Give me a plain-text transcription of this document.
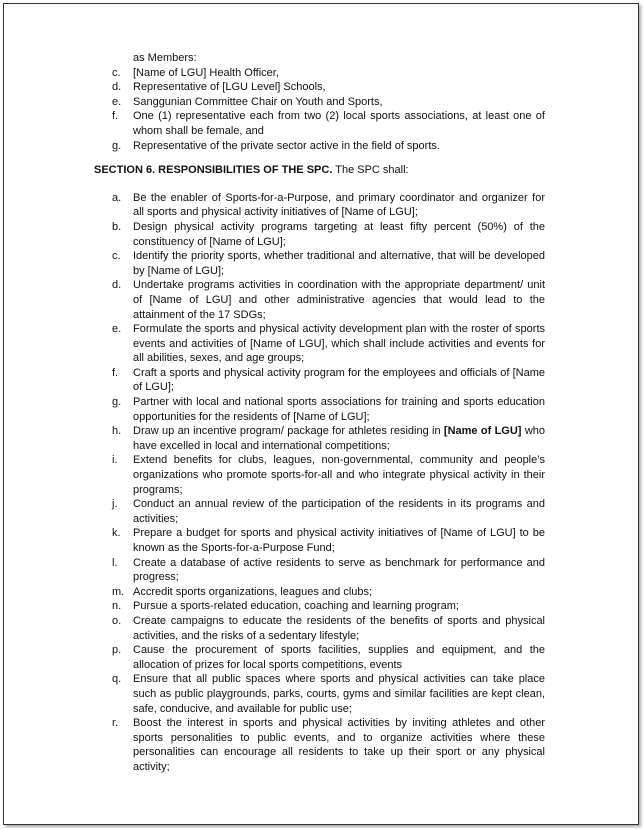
as Members:
c. [Name of LGU] Health Officer,
d. Representative of [LGU Level] Schools,
e. Sanggunian Committee Chair on Youth and Sports,
f. One (1) representative each from two (2) local sports associations, at least one of whom shall be female, and
g. Representative of the private sector active in the field of sports.
SECTION 6. RESPONSIBILITIES OF THE SPC. The SPC shall:
a. Be the enabler of Sports-for-a-Purpose, and primary coordinator and organizer for all sports and physical activity initiatives of [Name of LGU];
b. Design physical activity programs targeting at least fifty percent (50%) of the constituency of [Name of LGU];
c. Identify the priority sports, whether traditional and alternative, that will be developed by [Name of LGU];
d. Undertake programs activities in coordination with the appropriate department/ unit of [Name of LGU] and other administrative agencies that would lead to the attainment of the 17 SDGs;
e. Formulate the sports and physical activity development plan with the roster of sports events and activities of [Name of LGU], which shall include activities and events for all abilities, sexes, and age groups;
f. Craft a sports and physical activity program for the employees and officials of [Name of LGU];
g. Partner with local and national sports associations for training and sports education opportunities for the residents of [Name of LGU];
h. Draw up an incentive program/ package for athletes residing in [Name of LGU] who have excelled in local and international competitions;
i. Extend benefits for clubs, leagues, non-governmental, community and people’s organizations who promote sports-for-all and who integrate physical activity in their programs;
j. Conduct an annual review of the participation of the residents in its programs and activities;
k. Prepare a budget for sports and physical activity initiatives of [Name of LGU] to be known as the Sports-for-a-Purpose Fund;
l. Create a database of active residents to serve as benchmark for performance and progress;
m. Accredit sports organizations, leagues and clubs;
n. Pursue a sports-related education, coaching and learning program;
o. Create campaigns to educate the residents of the benefits of sports and physical activities, and the risks of a sedentary lifestyle;
p. Cause the procurement of sports facilities, supplies and equipment, and the allocation of prizes for local sports competitions, events
q. Ensure that all public spaces where sports and physical activities can take place such as public playgrounds, parks, courts, gyms and similar facilities are kept clean, safe, conducive, and available for public use;
r. Boost the interest in sports and physical activities by inviting athletes and other sports personalities to public events, and to organize activities where these personalities can encourage all residents to take up their sport or any physical activity;
